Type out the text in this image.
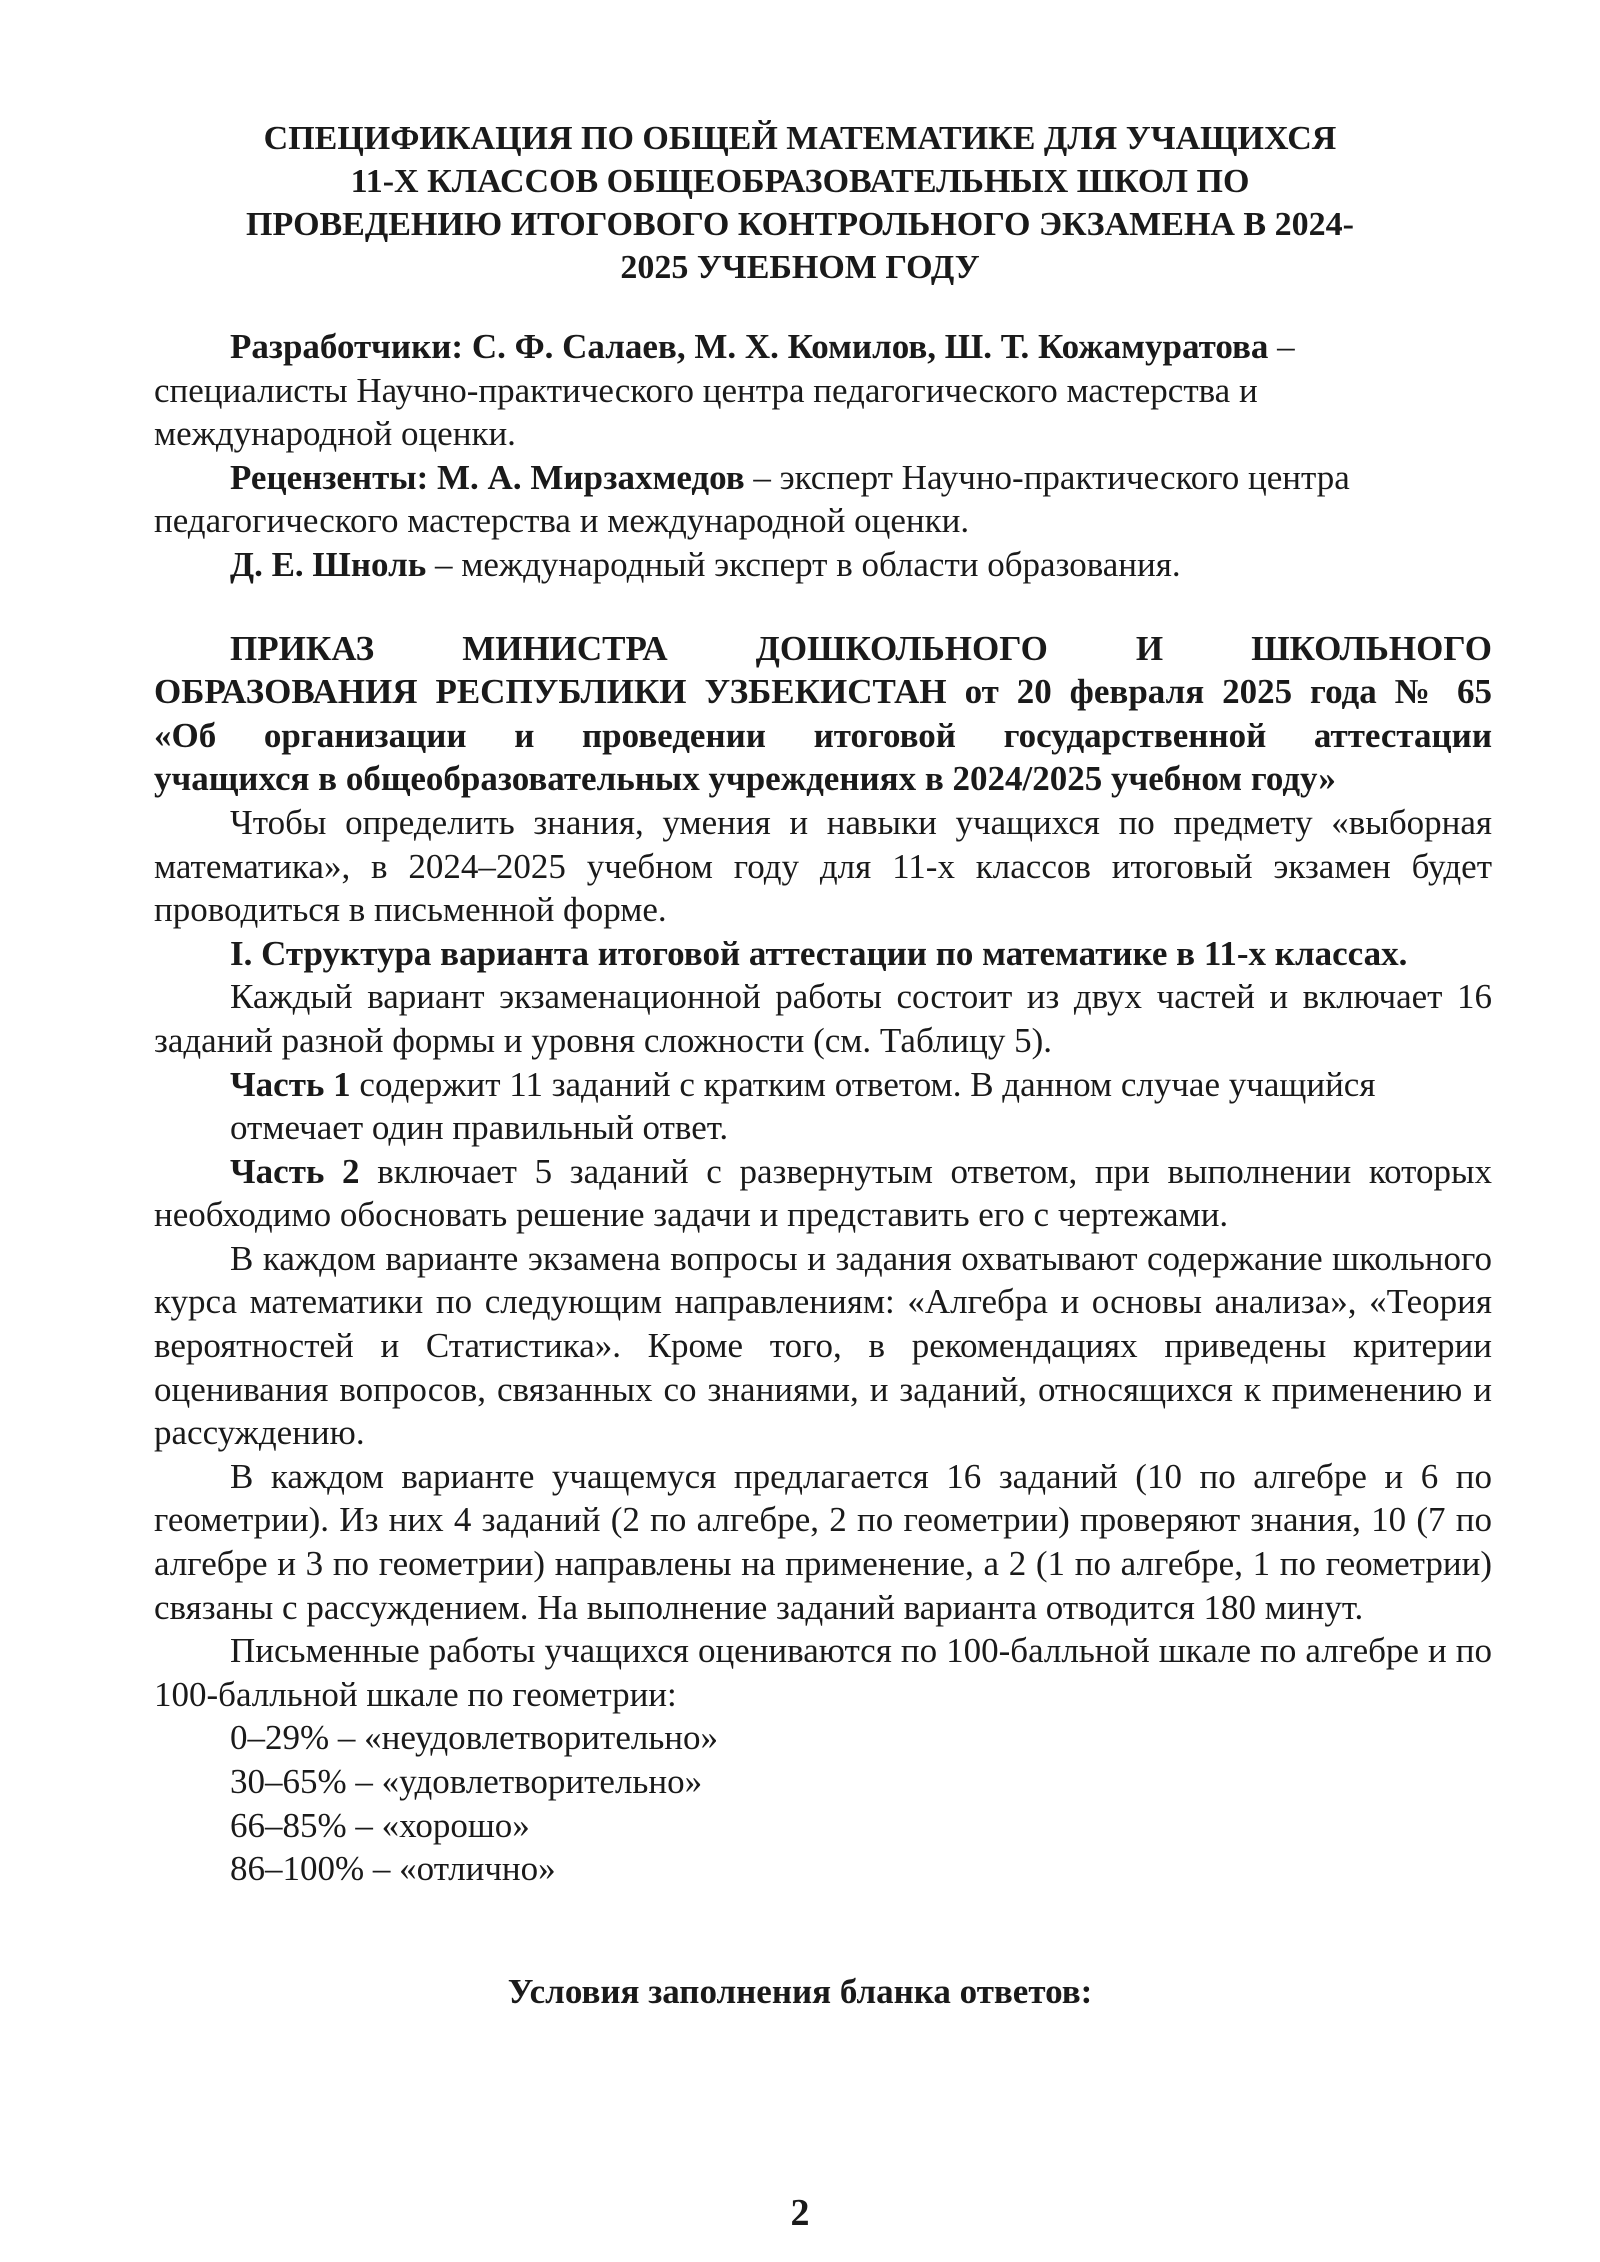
СПЕЦИФИКАЦИЯ ПО ОБЩЕЙ МАТЕМАТИКЕ ДЛЯ УЧАЩИХСЯ
11-Х КЛАССОВ ОБЩЕОБРАЗОВАТЕЛЬНЫХ ШКОЛ ПО
ПРОВЕДЕНИЮ ИТОГОВОГО КОНТРОЛЬНОГО ЭКЗАМЕНА В 2024-
2025 УЧЕБНОМ ГОДУ

Разработчики: С. Ф. Салаев, М. Х. Комилов, Ш. Т. Кожамуратова – специалисты Научно-практического центра педагогического мастерства и международной оценки.

Рецензенты: М. А. Мирзахмедов – эксперт Научно-практического центра педагогического мастерства и международной оценки.

Д. Е. Шноль – международный эксперт в области образования.

ПРИКАЗ	МИНИСТРА	ДОШКОЛЬНОГО	И	ШКОЛЬНОГО
ОБРАЗОВАНИЯ РЕСПУБЛИКИ УЗБЕКИСТАН от 20 февраля 2025 года № 65
«Об организации и проведении итоговой государственной аттестации
учащихся в общеобразовательных учреждениях в 2024/2025 учебном году»

Чтобы определить знания, умения и навыки учащихся по предмету «выборная математика», в 2024–2025 учебном году для 11-х классов итоговый экзамен будет проводиться в письменной форме.

I. Структура варианта итоговой аттестации по математике в 11-х классах.

Каждый вариант экзаменационной работы состоит из двух частей и включает 16 заданий разной формы и уровня сложности (см. Таблицу 5).

Часть 1 содержит 11 заданий с кратким ответом. В данном случае учащийся отмечает один правильный ответ.

Часть 2 включает 5 заданий с развернутым ответом, при выполнении которых необходимо обосновать решение задачи и представить его с чертежами.

В каждом варианте экзамена вопросы и задания охватывают содержание школьного курса математики по следующим направлениям: «Алгебра и основы анализа», «Теория вероятностей и Статистика». Кроме того, в рекомендациях приведены критерии оценивания вопросов, связанных со знаниями, и заданий, относящихся к применению и рассуждению.

В каждом варианте учащемуся предлагается 16 заданий (10 по алгебре и 6 по геометрии). Из них 4 заданий (2 по алгебре, 2 по геометрии) проверяют знания, 10 (7 по алгебре и 3 по геометрии) направлены на применение, а 2 (1 по алгебре, 1 по геометрии) связаны с рассуждением. На выполнение заданий варианта отводится 180 минут.

Письменные работы учащихся оцениваются по 100-балльной шкале по алгебре и по 100-балльной шкале по геометрии:

0–29% – «неудовлетворительно»
30–65% – «удовлетворительно»
66–85% – «хорошо»
86–100% – «отлично»
Условия заполнения бланка ответов:
2
